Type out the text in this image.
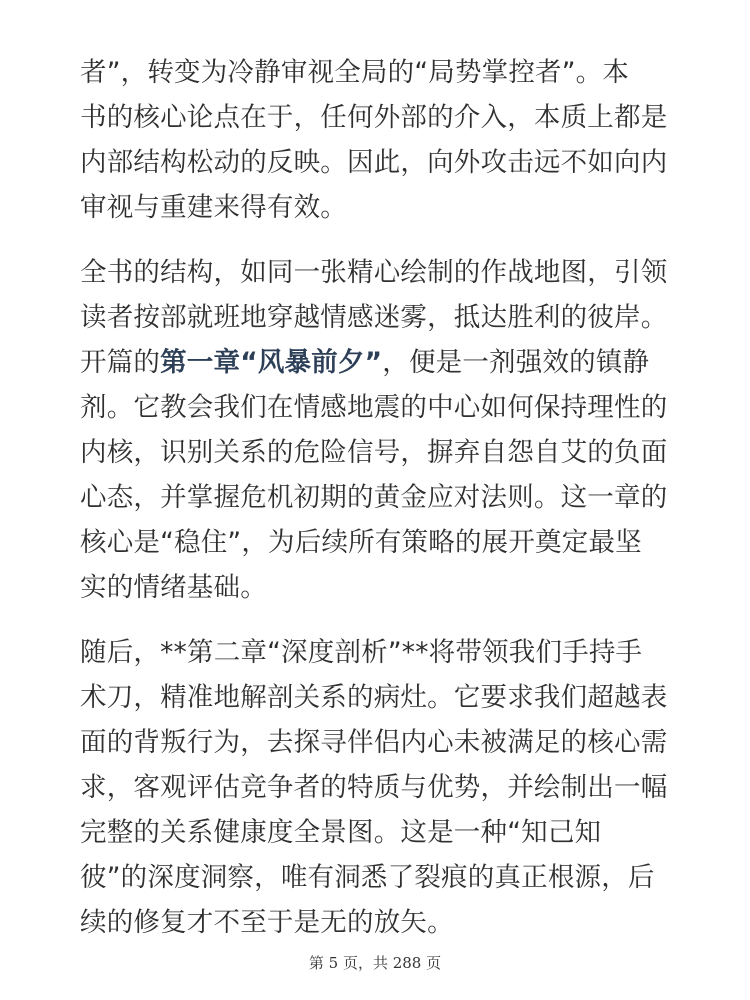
者”，转变为冷静审视全局的“局势掌控者”。本
书的核心论点在于，任何外部的介入，本质上都是
内部结构松动的反映。因此，向外攻击远不如向内
审视与重建来得有效。

全书的结构，如同一张精心绘制的作战地图，引领
读者按部就班地穿越情感迷雾，抵达胜利的彼岸。
开篇的第一章“风暴前夕”，便是一剂强效的镇静
剂。它教会我们在情感地震的中心如何保持理性的
内核，识别关系的危险信号，摒弃自怨自艾的负面
心态，并掌握危机初期的黄金应对法则。这一章的
核心是“稳住”，为后续所有策略的展开奠定最坚
实的情绪基础。

随后，**第二章“深度剖析”**将带领我们手持手
术刀，精准地解剖关系的病灶。它要求我们超越表
面的背叛行为，去探寻伴侣内心未被满足的核心需
求，客观评估竞争者的特质与优势，并绘制出一幅
完整的关系健康度全景图。这是一种“知己知
彼”的深度洞察，唯有洞悉了裂痕的真正根源，后
续的修复才不至于是无的放矢。

第 5 页，共 288 页
